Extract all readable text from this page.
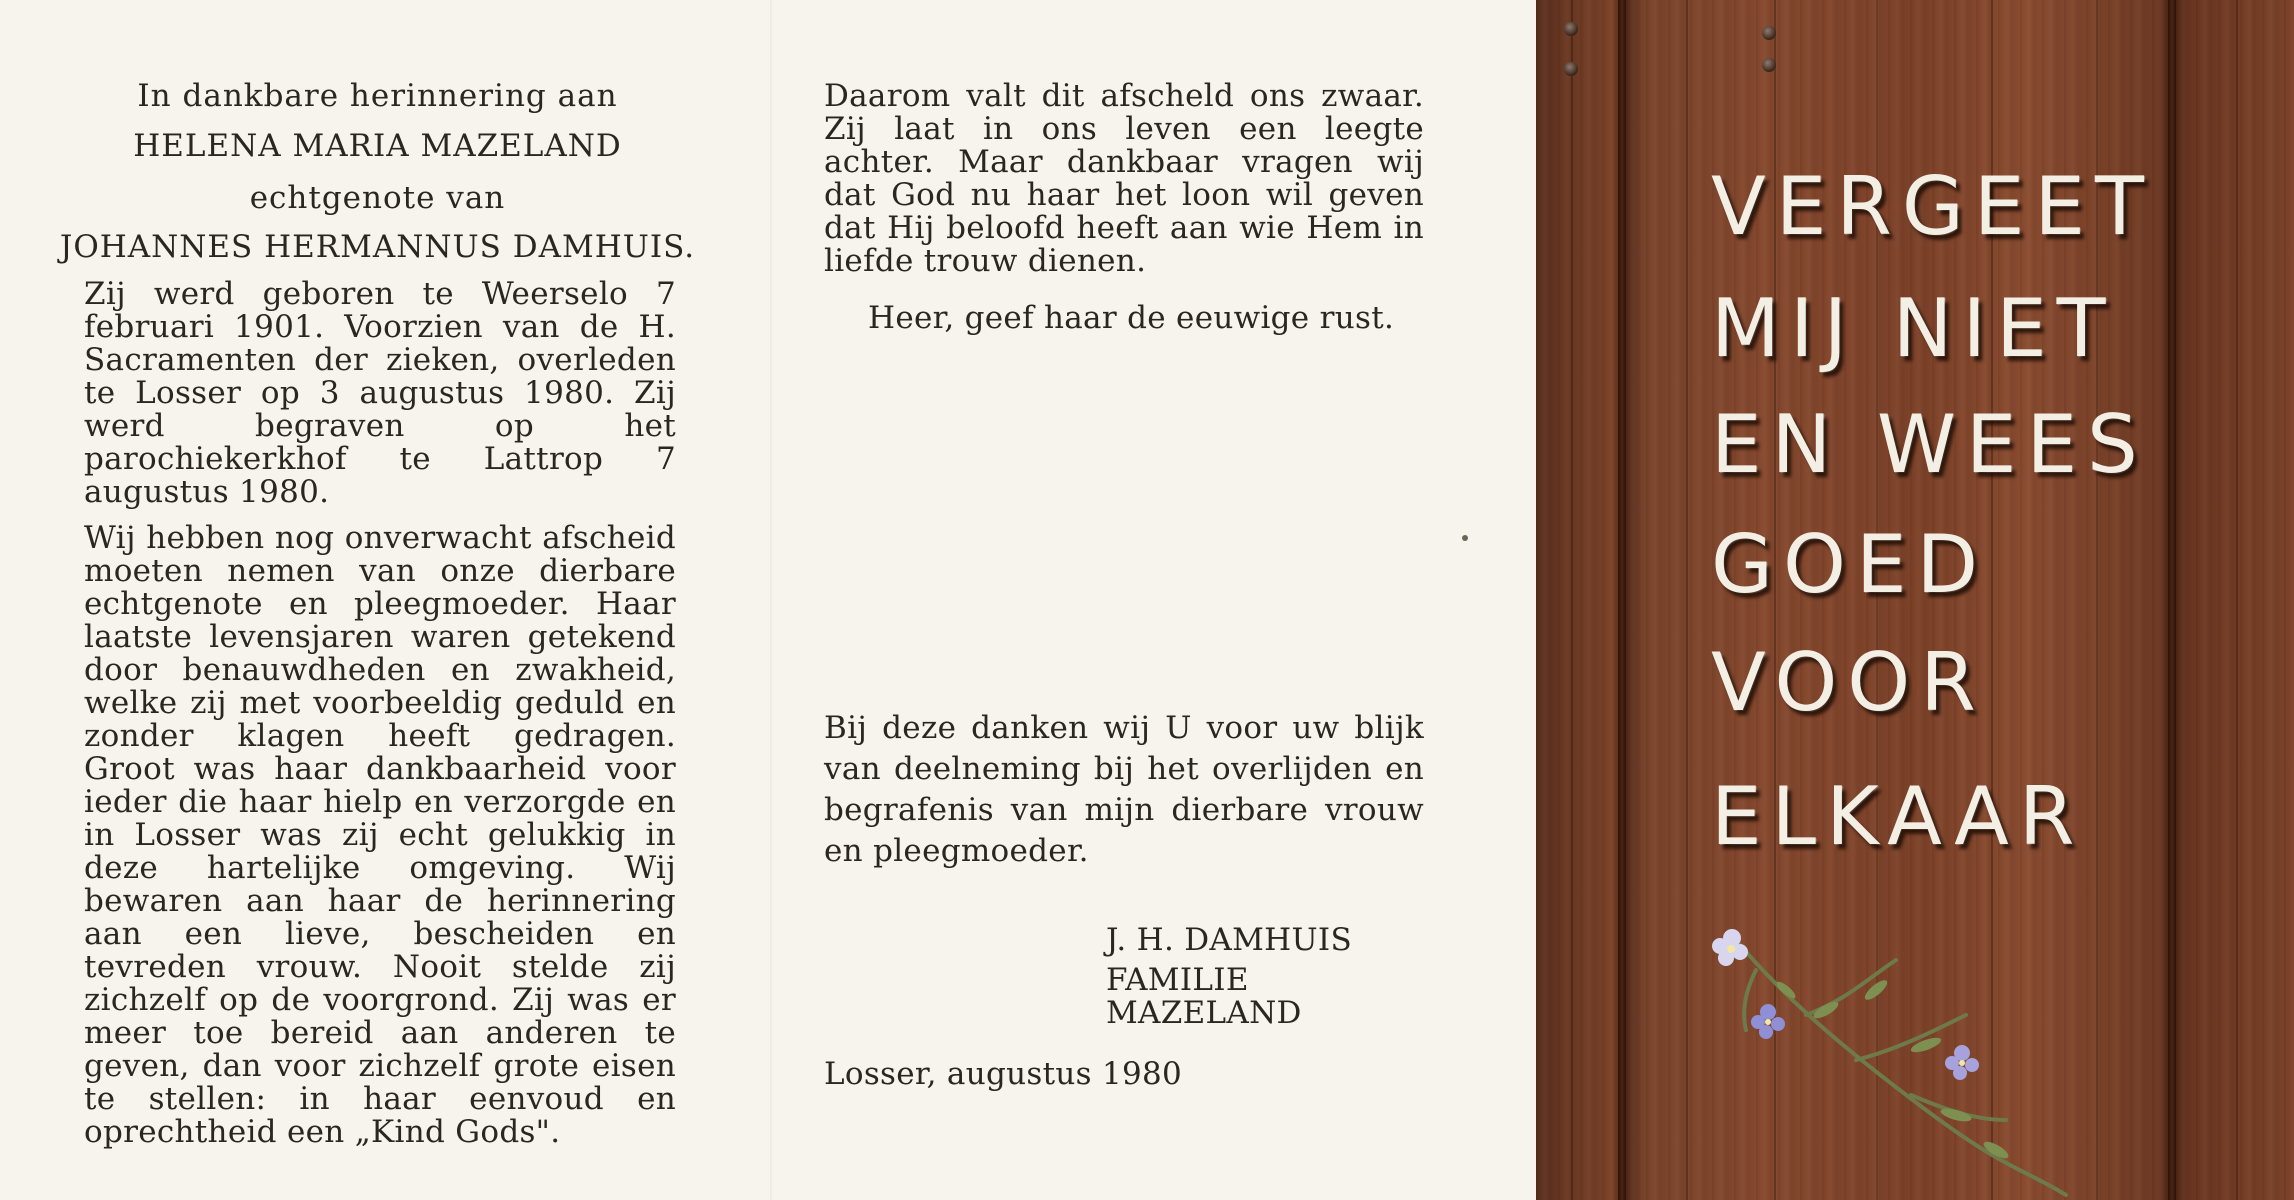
In dankbare herinnering aan
HELENA MARIA MAZELAND
echtgenote van
JOHANNES HERMANNUS DAMHUIS.
Zij werd geboren te Weerselo 7 februari 1901. Voorzien van de H. Sacramenten der zieken, overleden te Losser op 3 augustus 1980. Zij werd begraven op het parochiekerkhof te Lattrop 7 augustus 1980.
Wij hebben nog onverwacht afscheid moeten nemen van onze dierbare echtgenote en pleegmoeder. Haar laatste levensjaren waren getekend door benauwdheden en zwakheid, welke zij met voorbeeldig geduld en zonder klagen heeft gedragen. Groot was haar dankbaarheid voor ieder die haar hielp en verzorgde en in Losser was zij echt gelukkig in deze hartelijke omgeving. Wij bewaren aan haar de herinnering aan een lieve, bescheiden en tevreden vrouw. Nooit stelde zij zichzelf op de voorgrond. Zij was er meer toe bereid aan anderen te geven, dan voor zichzelf grote eisen te stellen: in haar eenvoud en oprechtheid een „Kind Gods".
Daarom valt dit afscheld ons zwaar. Zij laat in ons leven een leegte achter. Maar dankbaar vragen wij dat God nu haar het loon wil geven dat Hij beloofd heeft aan wie Hem in liefde trouw dienen.
Heer, geef haar de eeuwige rust.
Bij deze danken wij U voor uw blijk van deelneming bij het overlijden en begrafenis van mijn dierbare vrouw en pleegmoeder.
J. H. DAMHUIS
FAMILIE MAZELAND
Losser, augustus 1980
VERGEET
MIJ NIET
EN WEES
GOED
VOOR
ELKAAR
